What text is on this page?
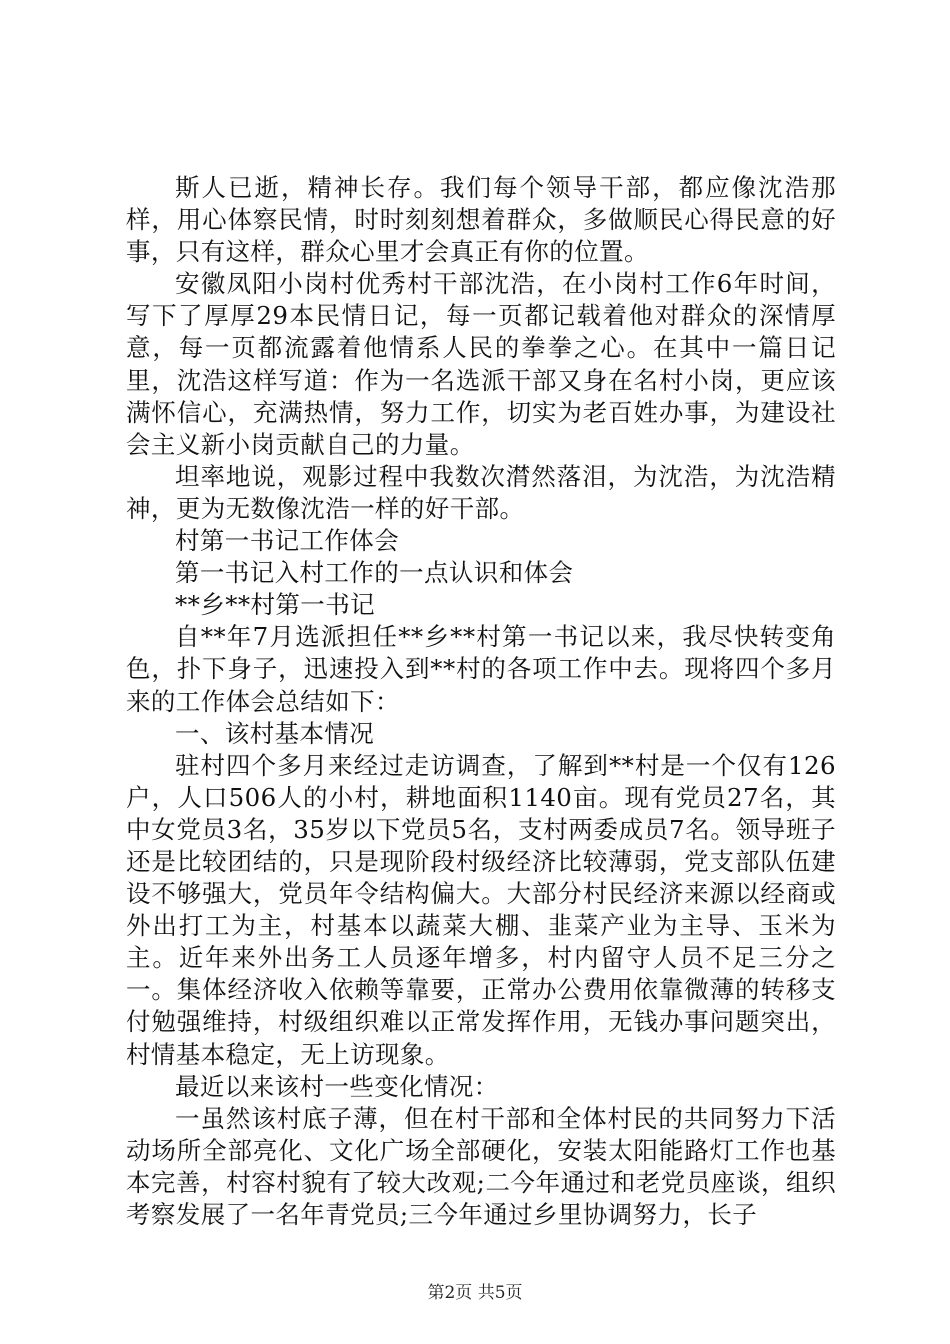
斯人已逝，精神长存。我们每个领导干部，都应像沈浩那样，用心体察民情，时时刻刻想着群众，多做顺民心得民意的好事，只有这样，群众心里才会真正有你的位置。

安徽凤阳小岗村优秀村干部沈浩，在小岗村工作6年时间，写下了厚厚29本民情日记，每一页都记载着他对群众的深情厚意，每一页都流露着他情系人民的拳拳之心。在其中一篇日记里，沈浩这样写道：作为一名选派干部又身在名村小岗，更应该满怀信心，充满热情，努力工作，切实为老百姓办事，为建设社会主义新小岗贡献自己的力量。

坦率地说，观影过程中我数次潸然落泪，为沈浩，为沈浩精神，更为无数像沈浩一样的好干部。

村第一书记工作体会

第一书记入村工作的一点认识和体会

**乡**村第一书记

自**年7月选派担任**乡**村第一书记以来，我尽快转变角色，扑下身子，迅速投入到**村的各项工作中去。现将四个多月来的工作体会总结如下：

一、该村基本情况

驻村四个多月来经过走访调查，了解到**村是一个仅有126户，人口506人的小村，耕地面积1140亩。现有党员27名，其中女党员3名，35岁以下党员5名，支村两委成员7名。领导班子还是比较团结的，只是现阶段村级经济比较薄弱，党支部队伍建设不够强大，党员年令结构偏大。大部分村民经济来源以经商或外出打工为主，村基本以蔬菜大棚、韭菜产业为主导、玉米为主。近年来外出务工人员逐年增多，村内留守人员不足三分之一。集体经济收入依赖等靠要，正常办公费用依靠微薄的转移支付勉强维持，村级组织难以正常发挥作用，无钱办事问题突出，村情基本稳定，无上访现象。

最近以来该村一些变化情况：

一虽然该村底子薄，但在村干部和全体村民的共同努力下活动场所全部亮化、文化广场全部硬化，安装太阳能路灯工作也基本完善，村容村貌有了较大改观;二今年通过和老党员座谈，组织考察发展了一名年青党员;三今年通过乡里协调努力，长子

第2页 共5页
